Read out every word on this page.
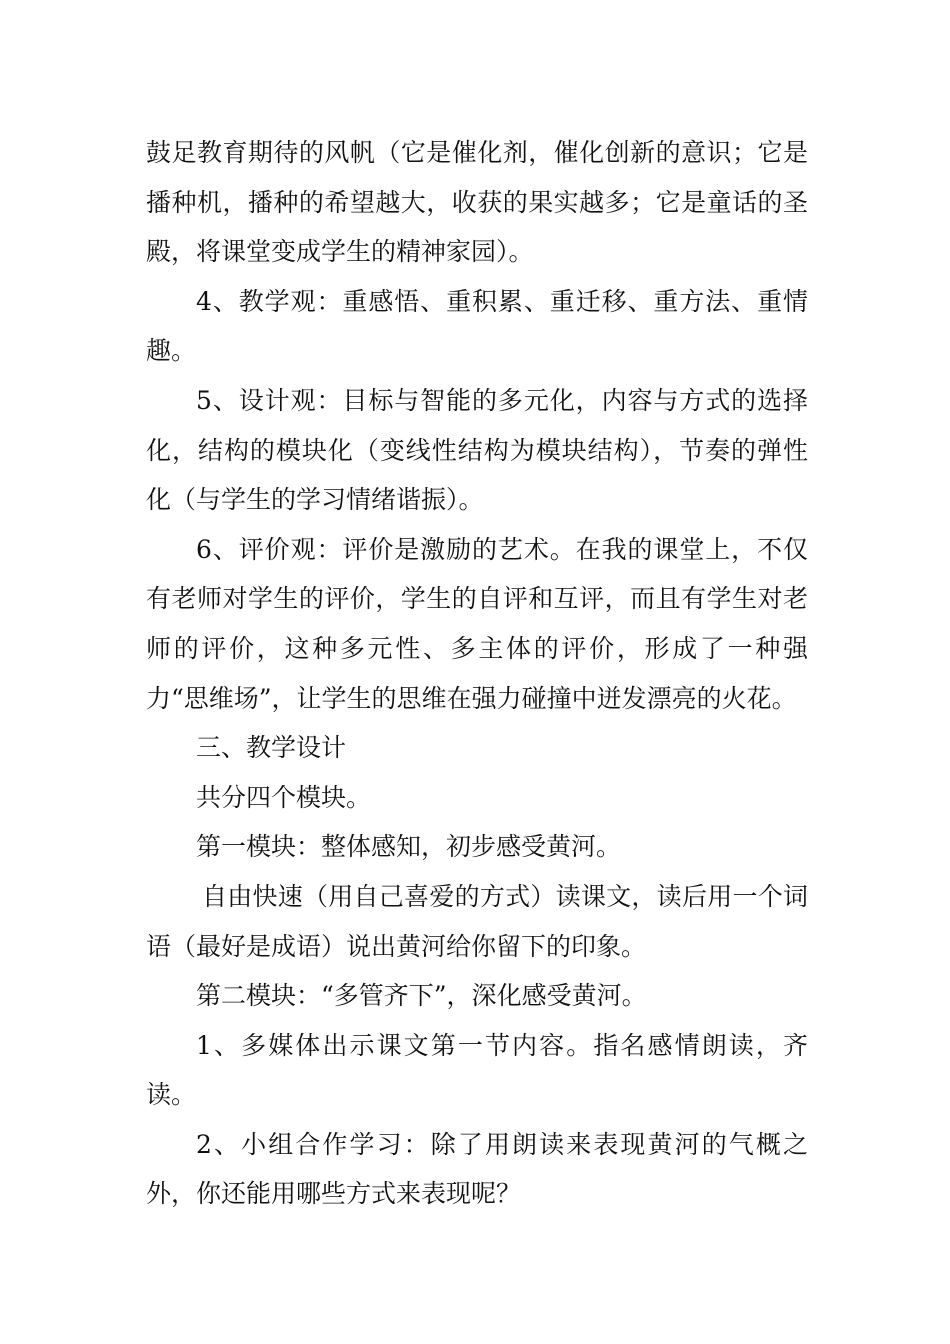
鼓足教育期待的风帆（它是催化剂，催化创新的意识；它是播种机，播种的希望越大，收获的果实越多；它是童话的圣殿，将课堂变成学生的精神家园）。

4、教学观：重感悟、重积累、重迁移、重方法、重情趣。

5、设计观：目标与智能的多元化，内容与方式的选择化，结构的模块化（变线性结构为模块结构），节奏的弹性化（与学生的学习情绪谐振）。

6、评价观：评价是激励的艺术。在我的课堂上，不仅有老师对学生的评价，学生的自评和互评，而且有学生对老师的评价，这种多元性、多主体的评价，形成了一种强力“思维场”，让学生的思维在强力碰撞中迸发漂亮的火花。

三、教学设计

共分四个模块。

第一模块：整体感知，初步感受黄河。

自由快速（用自己喜爱的方式）读课文，读后用一个词语（最好是成语）说出黄河给你留下的印象。

第二模块：“多管齐下”，深化感受黄河。

1、多媒体出示课文第一节内容。指名感情朗读，齐读。

2、小组合作学习：除了用朗读来表现黄河的气概之外，你还能用哪些方式来表现呢？
